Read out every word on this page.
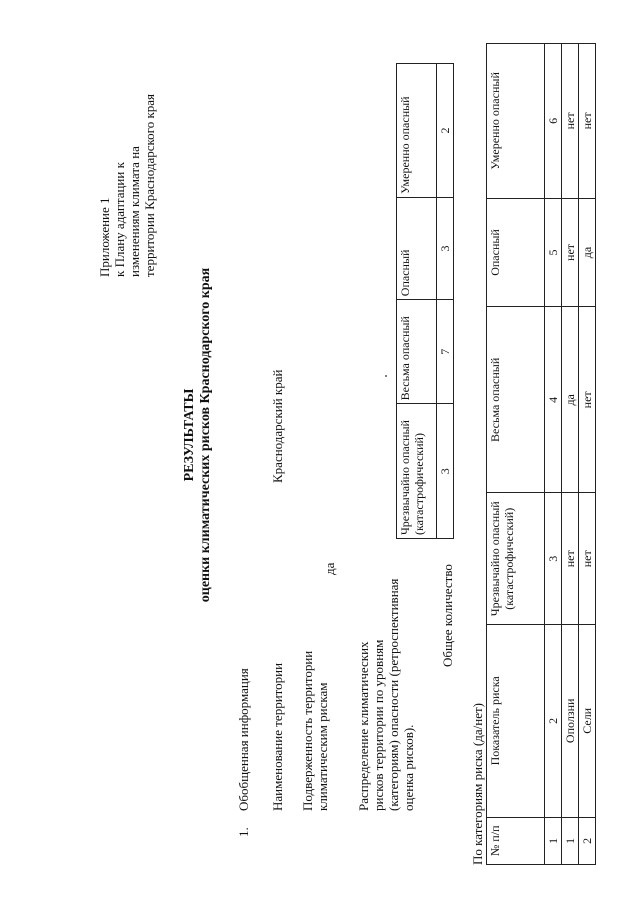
Приложение 1 к Плану адаптации к изменениям климата на территории Краснодарского края
РЕЗУЛЬТАТЫ оценки климатических рисков Краснодарского края
1.
Обобщенная информация Наименование территории
Краснодарский край
Подверженность территории климатическим рискам
да
Распределение климатических рисков территории по уровням (категориям) опасности (ретроспективная оценка рисков).
Общее количество
Чрезвычайно опасный (катастрофический)	Весьма опасный	Опасный	Умеренно опасный
3	7	3	2
По категориям риска (да/нет) № п/п	Показатель риска	Чрезвычайно опасный (катастрофический)	Весьма опасный	Опасный	Умеренно опасный
1	2	3	4	5	6
1	Оползни	нет	да	нет	нет
2	Сели	нет	нет	да	нет
